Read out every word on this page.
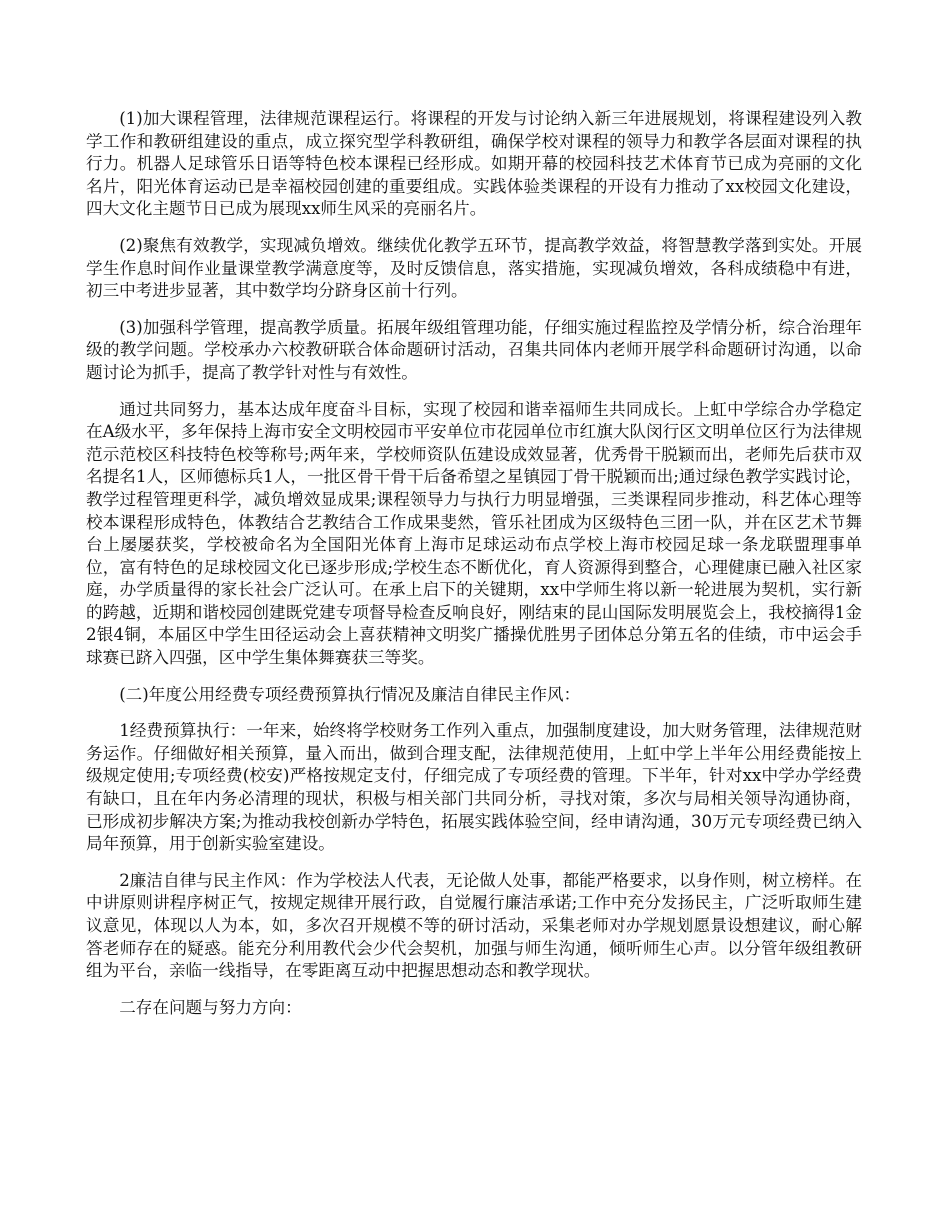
(1)加大课程管理，法律规范课程运行。将课程的开发与讨论纳入新三年进展规划，将课程建设列入教学工作和教研组建设的重点，成立探究型学科教研组，确保学校对课程的领导力和教学各层面对课程的执行力。机器人足球管乐日语等特色校本课程已经形成。如期开幕的校园科技艺术体育节已成为亮丽的文化名片，阳光体育运动已是幸福校园创建的重要组成。实践体验类课程的开设有力推动了xx校园文化建设，四大文化主题节日已成为展现xx师生风采的亮丽名片。

(2)聚焦有效教学，实现减负增效。继续优化教学五环节，提高教学效益，将智慧教学落到实处。开展学生作息时间作业量课堂教学满意度等，及时反馈信息，落实措施，实现减负增效，各科成绩稳中有进，初三中考进步显著，其中数学均分跻身区前十行列。

(3)加强科学管理，提高教学质量。拓展年级组管理功能，仔细实施过程监控及学情分析，综合治理年级的教学问题。学校承办六校教研联合体命题研讨活动，召集共同体内老师开展学科命题研讨沟通，以命题讨论为抓手，提高了教学针对性与有效性。

通过共同努力，基本达成年度奋斗目标，实现了校园和谐幸福师生共同成长。上虹中学综合办学稳定在A级水平，多年保持上海市安全文明校园市平安单位市花园单位市红旗大队闵行区文明单位区行为法律规范示范校区科技特色校等称号;两年来，学校师资队伍建设成效显著，优秀骨干脱颖而出，老师先后获市双名提名1人，区师德标兵1人，一批区骨干骨干后备希望之星镇园丁骨干脱颖而出;通过绿色教学实践讨论，教学过程管理更科学，减负增效显成果;课程领导力与执行力明显增强，三类课程同步推动，科艺体心理等校本课程形成特色，体教结合艺教结合工作成果斐然，管乐社团成为区级特色三团一队，并在区艺术节舞台上屡屡获奖，学校被命名为全国阳光体育上海市足球运动布点学校上海市校园足球一条龙联盟理事单位，富有特色的足球校园文化已逐步形成;学校生态不断优化，育人资源得到整合，心理健康已融入社区家庭，办学质量得的家长社会广泛认可。在承上启下的关键期，xx中学师生将以新一轮进展为契机，实行新的跨越，近期和谐校园创建既党建专项督导检查反响良好，刚结束的昆山国际发明展览会上，我校摘得1金2银4铜，本届区中学生田径运动会上喜获精神文明奖广播操优胜男子团体总分第五名的佳绩，市中运会手球赛已跻入四强，区中学生集体舞赛获三等奖。

(二)年度公用经费专项经费预算执行情况及廉洁自律民主作风：

1经费预算执行：一年来，始终将学校财务工作列入重点，加强制度建设，加大财务管理，法律规范财务运作。仔细做好相关预算，量入而出，做到合理支配，法律规范使用，上虹中学上半年公用经费能按上级规定使用;专项经费(校安)严格按规定支付，仔细完成了专项经费的管理。下半年，针对xx中学办学经费有缺口，且在年内务必清理的现状，积极与相关部门共同分析，寻找对策，多次与局相关领导沟通协商，已形成初步解决方案;为推动我校创新办学特色，拓展实践体验空间，经申请沟通，30万元专项经费已纳入局年预算，用于创新实验室建设。

2廉洁自律与民主作风：作为学校法人代表，无论做人处事，都能严格要求，以身作则，树立榜样。在中讲原则讲程序树正气，按规定规律开展行政，自觉履行廉洁承诺;工作中充分发扬民主，广泛听取师生建议意见，体现以人为本，如，多次召开规模不等的研讨活动，采集老师对办学规划愿景设想建议，耐心解答老师存在的疑惑。能充分利用教代会少代会契机，加强与师生沟通，倾听师生心声。以分管年级组教研组为平台，亲临一线指导，在零距离互动中把握思想动态和教学现状。

二存在问题与努力方向：
